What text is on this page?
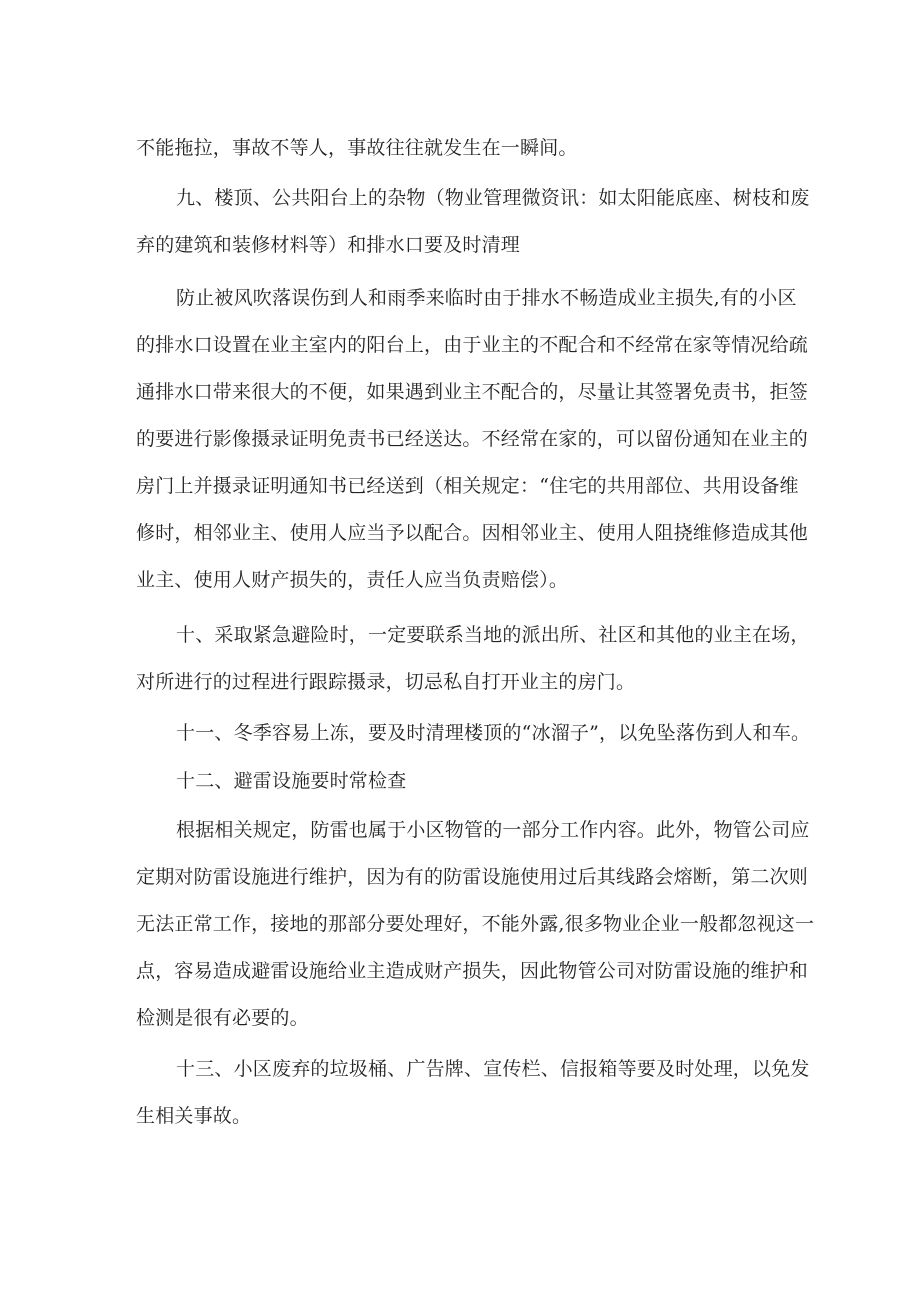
不能拖拉，事故不等人，事故往往就发生在一瞬间。
九、楼顶、公共阳台上的杂物（物业管理微资讯：如太阳能底座、树枝和废
弃的建筑和装修材料等）和排水口要及时清理
防止被风吹落误伤到人和雨季来临时由于排水不畅造成业主损失,有的小区
的排水口设置在业主室内的阳台上，由于业主的不配合和不经常在家等情况给疏
通排水口带来很大的不便，如果遇到业主不配合的，尽量让其签署免责书，拒签
的要进行影像摄录证明免责书已经送达。不经常在家的，可以留份通知在业主的
房门上并摄录证明通知书已经送到（相关规定：“住宅的共用部位、共用设备维
修时，相邻业主、使用人应当予以配合。因相邻业主、使用人阻挠维修造成其他
业主、使用人财产损失的，责任人应当负责赔偿）。
十、采取紧急避险时，一定要联系当地的派出所、社区和其他的业主在场，
对所进行的过程进行跟踪摄录，切忌私自打开业主的房门。
十一、冬季容易上冻，要及时清理楼顶的“冰溜子”，以免坠落伤到人和车。
十二、避雷设施要时常检查
根据相关规定，防雷也属于小区物管的一部分工作内容。此外，物管公司应
定期对防雷设施进行维护，因为有的防雷设施使用过后其线路会熔断，第二次则
无法正常工作，接地的那部分要处理好，不能外露,很多物业企业一般都忽视这一
点，容易造成避雷设施给业主造成财产损失，因此物管公司对防雷设施的维护和
检测是很有必要的。
十三、小区废弃的垃圾桶、广告牌、宣传栏、信报箱等要及时处理，以免发
生相关事故。
